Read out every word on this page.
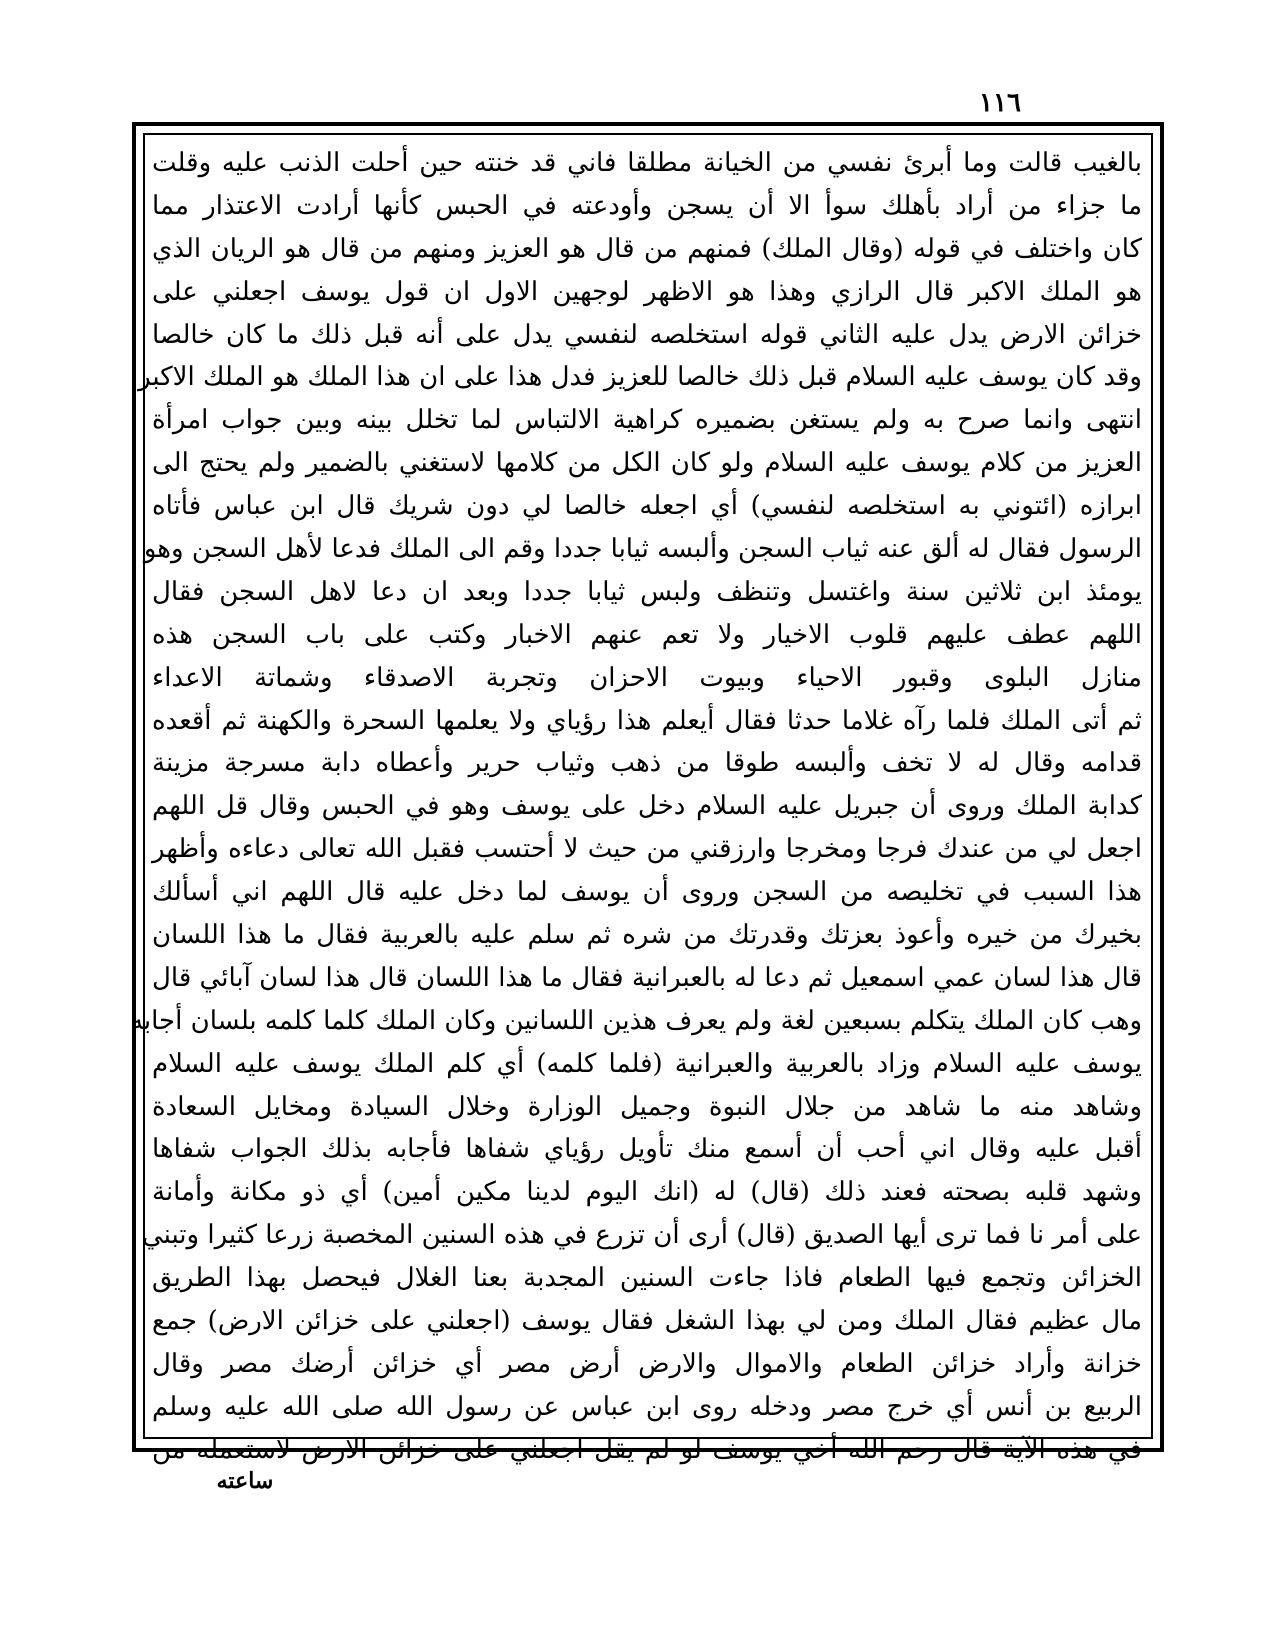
١١٦
بالغيب قالت وما أبرئ نفسي من الخيانة مطلقا فاني قد خنته حين أحلت الذنب عليه وقلت
ما جزاء من أراد بأهلك سوأ الا أن يسجن وأودعته في الحبس كأنها أرادت الاعتذار مما
كان واختلف في قوله (وقال الملك) فمنهم من قال هو العزيز ومنهم من قال هو الريان الذي
هو الملك الاكبر قال الرازي وهذا هو الاظهر لوجهين الاول ان قول يوسف اجعلني على
خزائن الارض يدل عليه الثاني قوله استخلصه لنفسي يدل على أنه قبل ذلك ما كان خالصا
وقد كان يوسف عليه السلام قبل ذلك خالصا للعزيز فدل هذا على ان هذا الملك هو الملك الاكبر
انتهى وانما صرح به ولم يستغن بضميره كراهية الالتباس لما تخلل بينه وبين جواب امرأة
العزيز من كلام يوسف عليه السلام ولو كان الكل من كلامها لاستغني بالضمير ولم يحتج الى
ابرازه (ائتوني به استخلصه لنفسي) أي اجعله خالصا لي دون شريك قال ابن عباس فأتاه
الرسول فقال له ألق عنه ثياب السجن وألبسه ثيابا جددا وقم الى الملك فدعا لأهل السجن وهو
يومئذ ابن ثلاثين سنة واغتسل وتنظف ولبس ثيابا جددا وبعد ان دعا لاهل السجن فقال
اللهم عطف عليهم قلوب الاخيار ولا تعم عنهم الاخبار وكتب على باب السجن هذه
منازل البلوى وقبور الاحياء وبيوت الاحزان وتجربة الاصدقاء وشماتة الاعداء
ثم أتى الملك فلما رآه غلاما حدثا فقال أيعلم هذا رؤياي ولا يعلمها السحرة والكهنة ثم أقعده
قدامه وقال له لا تخف وألبسه طوقا من ذهب وثياب حرير وأعطاه دابة مسرجة مزينة
كدابة الملك وروى أن جبريل عليه السلام دخل على يوسف وهو في الحبس وقال قل اللهم
اجعل لي من عندك فرجا ومخرجا وارزقني من حيث لا أحتسب فقبل الله تعالى دعاءه وأظهر
هذا السبب في تخليصه من السجن وروى أن يوسف لما دخل عليه قال اللهم اني أسألك
بخيرك من خيره وأعوذ بعزتك وقدرتك من شره ثم سلم عليه بالعربية فقال ما هذا اللسان
قال هذا لسان عمي اسمعيل ثم دعا له بالعبرانية فقال ما هذا اللسان قال هذا لسان آبائي قال
وهب كان الملك يتكلم بسبعين لغة ولم يعرف هذين اللسانين وكان الملك كلما كلمه بلسان أجابه
يوسف عليه السلام وزاد بالعربية والعبرانية (فلما كلمه) أي كلم الملك يوسف عليه السلام
وشاهد منه ما شاهد من جلال النبوة وجميل الوزارة وخلال السيادة ومخايل السعادة
أقبل عليه وقال اني أحب أن أسمع منك تأويل رؤياي شفاها فأجابه بذلك الجواب شفاها
وشهد قلبه بصحته فعند ذلك (قال) له (انك اليوم لدينا مكين أمين) أي ذو مكانة وأمانة
على أمر نا فما ترى أيها الصديق (قال) أرى أن تزرع في هذه السنين المخصبة زرعا كثيرا وتبني
الخزائن وتجمع فيها الطعام فاذا جاءت السنين المجدبة بعنا الغلال فيحصل بهذا الطريق
مال عظيم فقال الملك ومن لي بهذا الشغل فقال يوسف (اجعلني على خزائن الارض) جمع
خزانة وأراد خزائن الطعام والاموال والارض أرض مصر أي خزائن أرضك مصر وقال
الربيع بن أنس أي خرج مصر ودخله روى ابن عباس عن رسول الله صلى الله عليه وسلم
في هذه الآية قال رحم الله أخي يوسف لو لم يقل اجعلني على خزائن الارض لاستعمله من
ساعته
